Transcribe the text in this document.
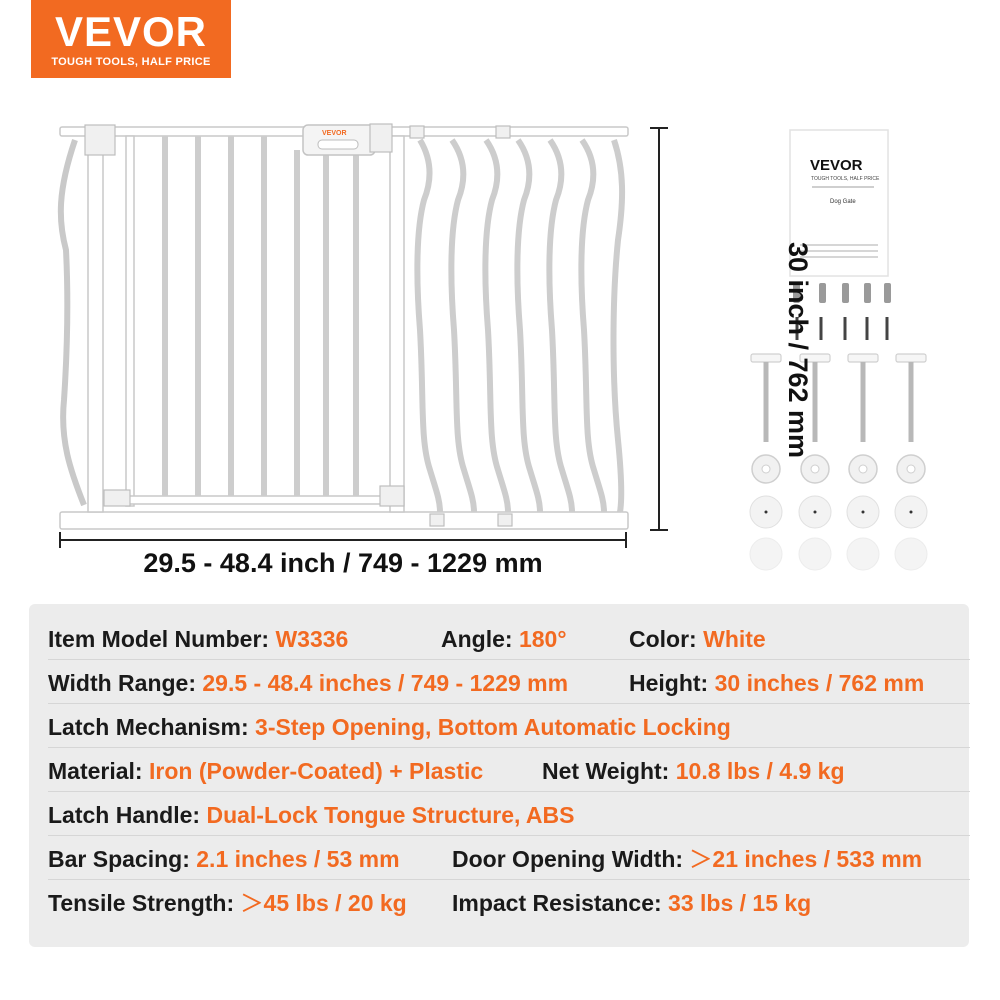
VEVOR
TOUGH TOOLS, HALF PRICE
VEVOR
VEVOR
TOUGH TOOLS, HALF PRICE
Dog Gate
29.5 - 48.4 inch / 749 - 1229 mm
30 inch / 762 mm
Item Model Number: W3336	Angle: 180°	Color: White
Width Range: 29.5 - 48.4 inches / 749 - 1229 mm	Height: 30 inches / 762 mm
Latch Mechanism: 3-Step Opening, Bottom Automatic Locking
Material: Iron (Powder-Coated) + Plastic	Net Weight: 10.8 lbs / 4.9 kg
Latch Handle: Dual-Lock Tongue Structure, ABS
Bar Spacing: 2.1 inches / 53 mm Door Opening Width: ＞21 inches / 533 mm
Tensile Strength: ＞45 lbs / 20 kg Impact Resistance: 33 lbs / 15 kg
